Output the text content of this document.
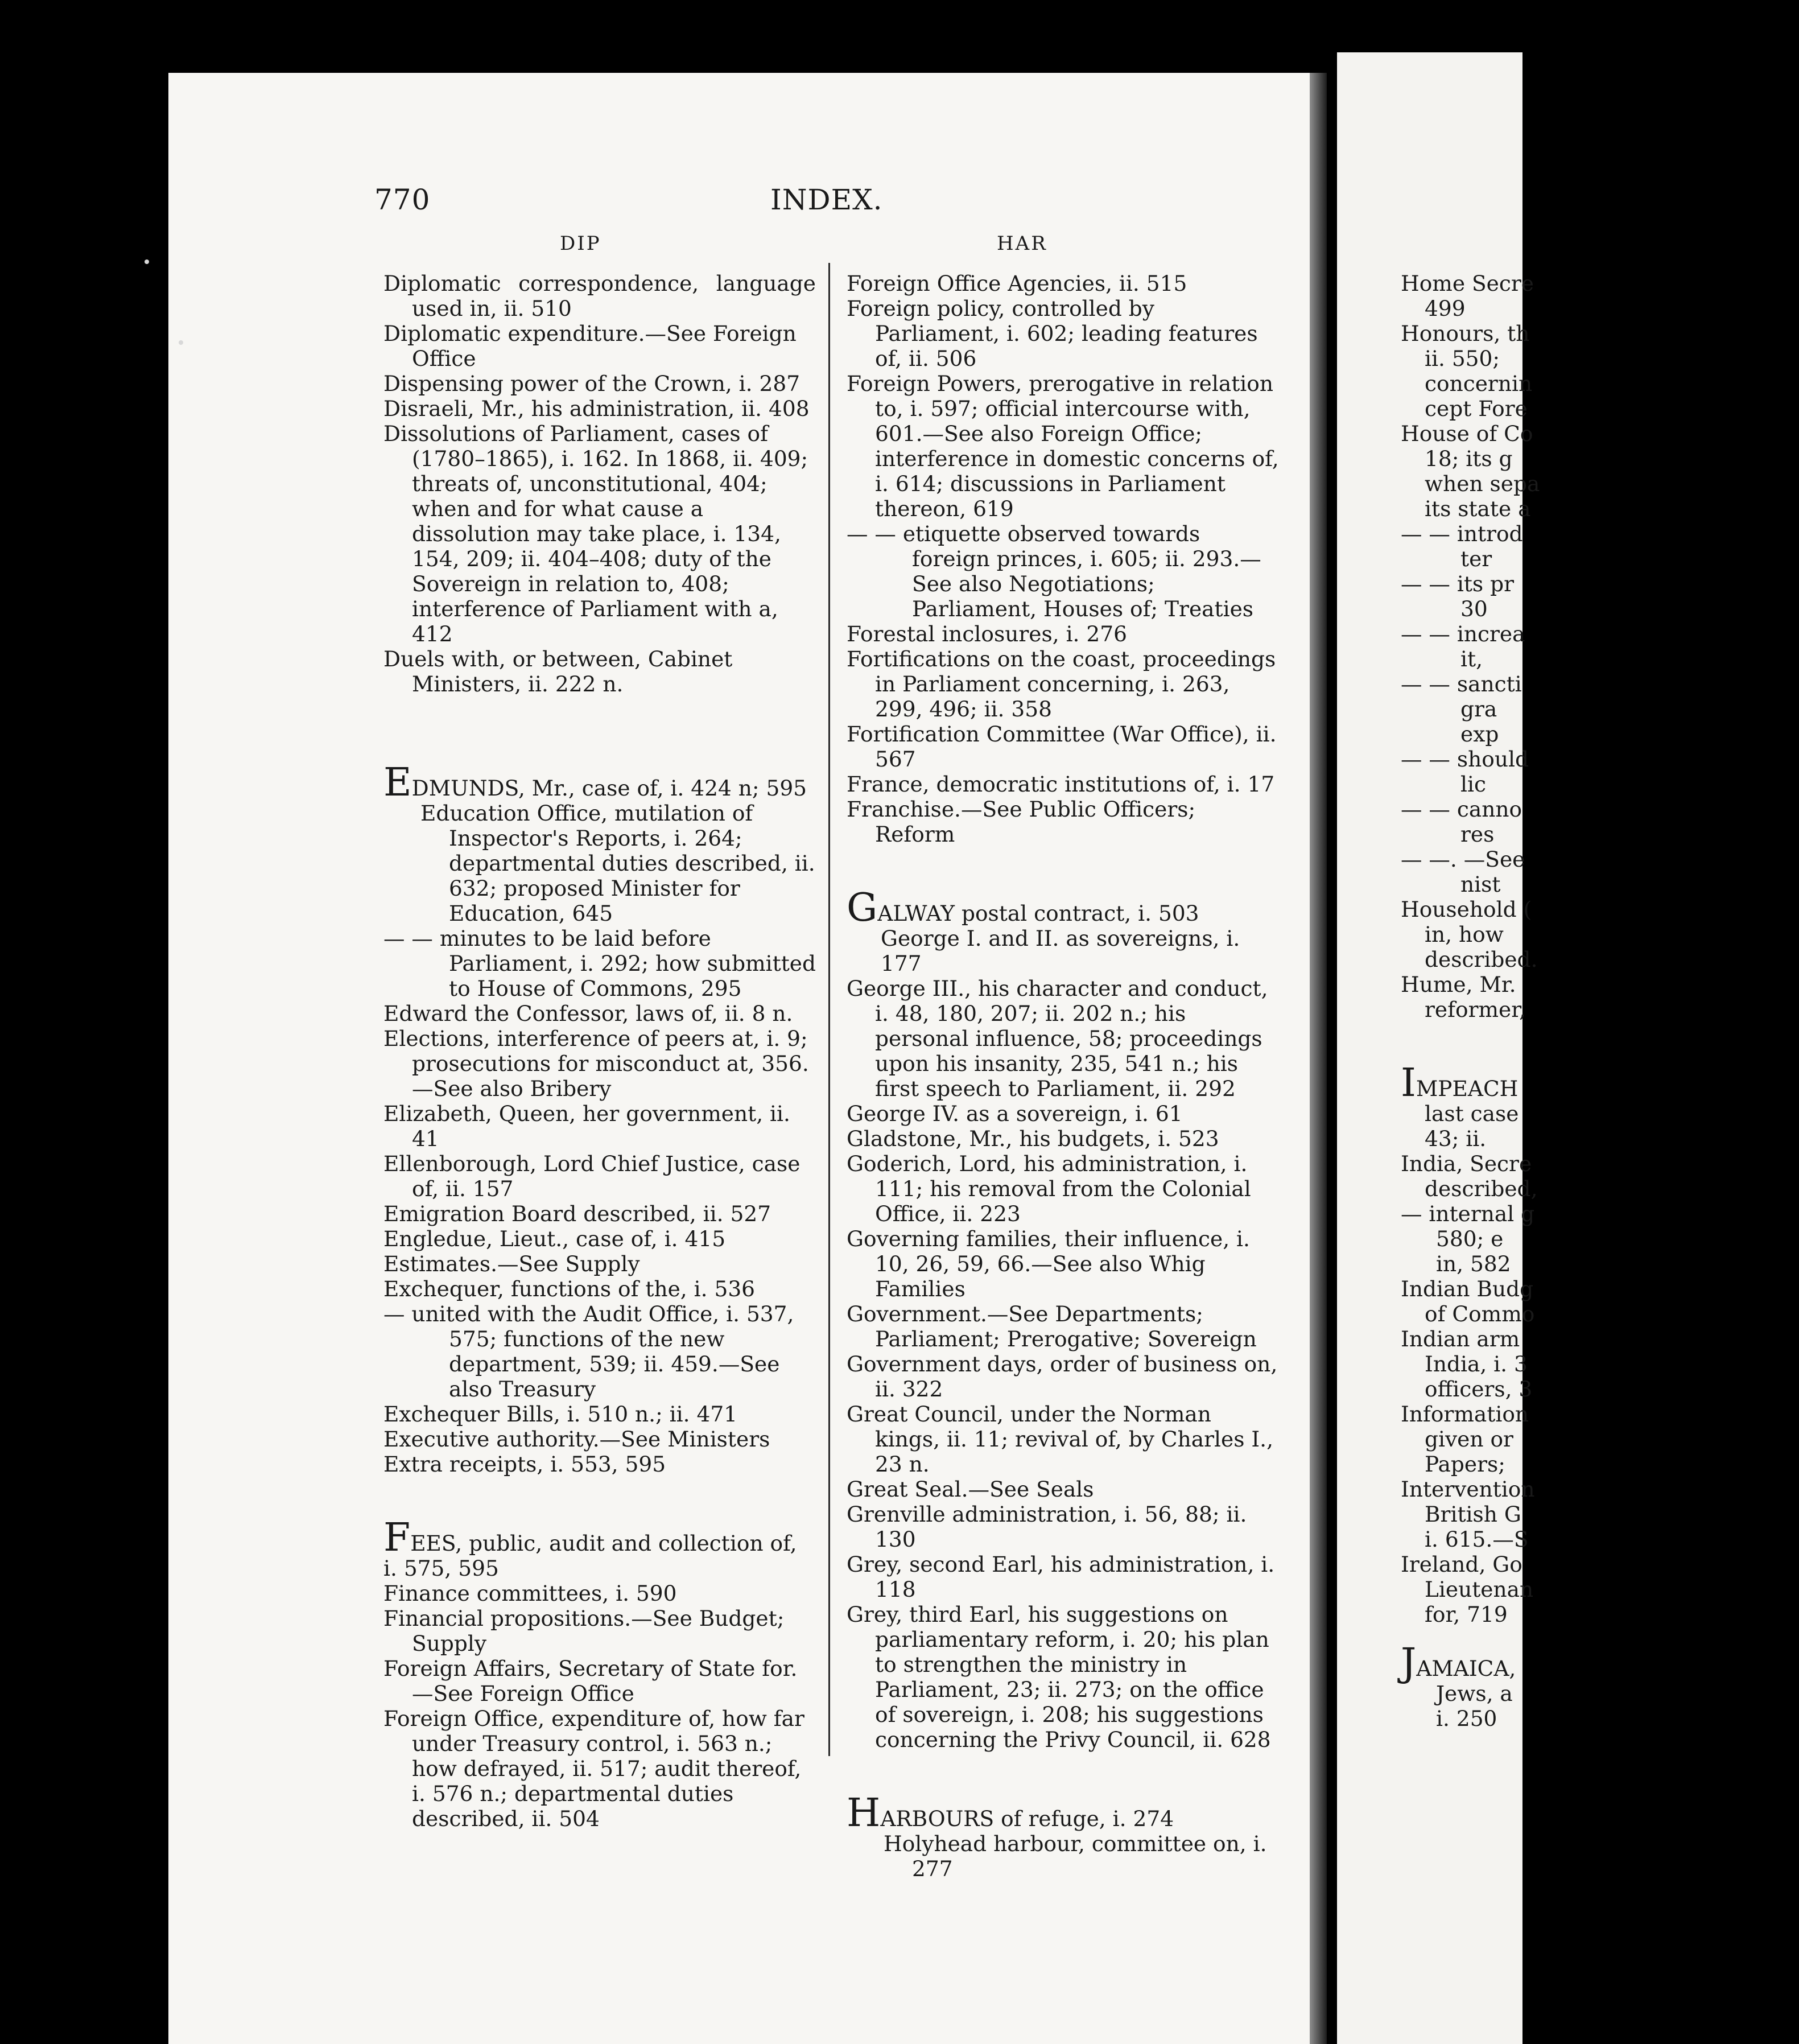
770	INDEX.
DIP	HAR

Diplomatic correspondence, language used in, ii. 510

Diplomatic expenditure.—See Foreign Office

Dispensing power of the Crown, i. 287

Disraeli, Mr., his administration, ii. 408

Dissolutions of Parliament, cases of (1780–1865), i. 162. In 1868, ii. 409; threats of, unconstitutional, 404; when and for what cause a dissolution may take place, i. 134, 154, 209; ii. 404–408; duty of the Sovereign in relation to, 408; interference of Parliament with a, 412

Duels with, or between, Cabinet Ministers, ii. 222 n.

EDMUNDS, Mr., case of, i. 424 n; 595

Education Office, mutilation of Inspector's Reports, i. 264; departmental duties described, ii. 632; proposed Minister for Education, 645

— — minutes to be laid before Parliament, i. 292; how submitted to House of Commons, 295

Edward the Confessor, laws of, ii. 8 n.

Elections, interference of peers at, i. 9; prosecutions for misconduct at, 356.—See also Bribery

Elizabeth, Queen, her government, ii. 41

Ellenborough, Lord Chief Justice, case of, ii. 157

Emigration Board described, ii. 527

Engledue, Lieut., case of, i. 415

Estimates.—See Supply

Exchequer, functions of the, i. 536

— united with the Audit Office, i. 537, 575; functions of the new department, 539; ii. 459.—See also Treasury

Exchequer Bills, i. 510 n.; ii. 471

Executive authority.—See Ministers

Extra receipts, i. 553, 595

FEES, public, audit and collection of, i. 575, 595

Finance committees, i. 590

Financial propositions.—See Budget; Supply

Foreign Affairs, Secretary of State for.—See Foreign Office

Foreign Office, expenditure of, how far under Treasury control, i. 563 n.; how defrayed, ii. 517; audit thereof, i. 576 n.; departmental duties described, ii. 504

Foreign Office Agencies, ii. 515

Foreign policy, controlled by Parliament, i. 602; leading features of, ii. 506

Foreign Powers, prerogative in relation to, i. 597; official intercourse with, 601.—See also Foreign Office; interference in domestic concerns of, i. 614; discussions in Parliament thereon, 619

— — etiquette observed towards foreign princes, i. 605; ii. 293.—See also Negotiations; Parliament, Houses of; Treaties

Forestal inclosures, i. 276

Fortifications on the coast, proceedings in Parliament concerning, i. 263, 299, 496; ii. 358

Fortification Committee (War Office), ii. 567

France, democratic institutions of, i. 17

Franchise.—See Public Officers; Reform

GALWAY postal contract, i. 503

George I. and II. as sovereigns, i. 177

George III., his character and conduct, i. 48, 180, 207; ii. 202 n.; his personal influence, 58; proceedings upon his insanity, 235, 541 n.; his first speech to Parliament, ii. 292

George IV. as a sovereign, i. 61

Gladstone, Mr., his budgets, i. 523

Goderich, Lord, his administration, i. 111; his removal from the Colonial Office, ii. 223

Governing families, their influence, i. 10, 26, 59, 66.—See also Whig Families

Government.—See Departments; Parliament; Prerogative; Sovereign

Government days, order of business on, ii. 322

Great Council, under the Norman kings, ii. 11; revival of, by Charles I., 23 n.

Great Seal.—See Seals

Grenville administration, i. 56, 88; ii. 130

Grey, second Earl, his administration, i. 118

Grey, third Earl, his suggestions on parliamentary reform, i. 20; his plan to strengthen the ministry in Parliament, 23; ii. 273; on the office of sovereign, i. 208; his suggestions concerning the Privy Council, ii. 628

HARBOURS of refuge, i. 274

Holyhead harbour, committee on, i. 277

Home Secre
499
Honours, th
ii. 550;
concernin
cept Fore
House of Co
18; its g
when sepa
its state a
— — introd
ter
— — its pr
30
— — increa
it,
— — sancti
gra
exp
— — should
lic
— — canno
res
— —. —See
nist
Household (
in, how
described.
Hume, Mr.
reformer,
IMPEACH
last case
43; ii.
India, Secre
described,
— internal g
580; e
in, 582
Indian Budg
of Commo
Indian arm
India, i. 3
officers, 3
Information
given or
Papers;
Intervention
British G
i. 615.—S
Ireland, Go
Lieutenan
for, 719
JAMAICA,
Jews, a
i. 250
